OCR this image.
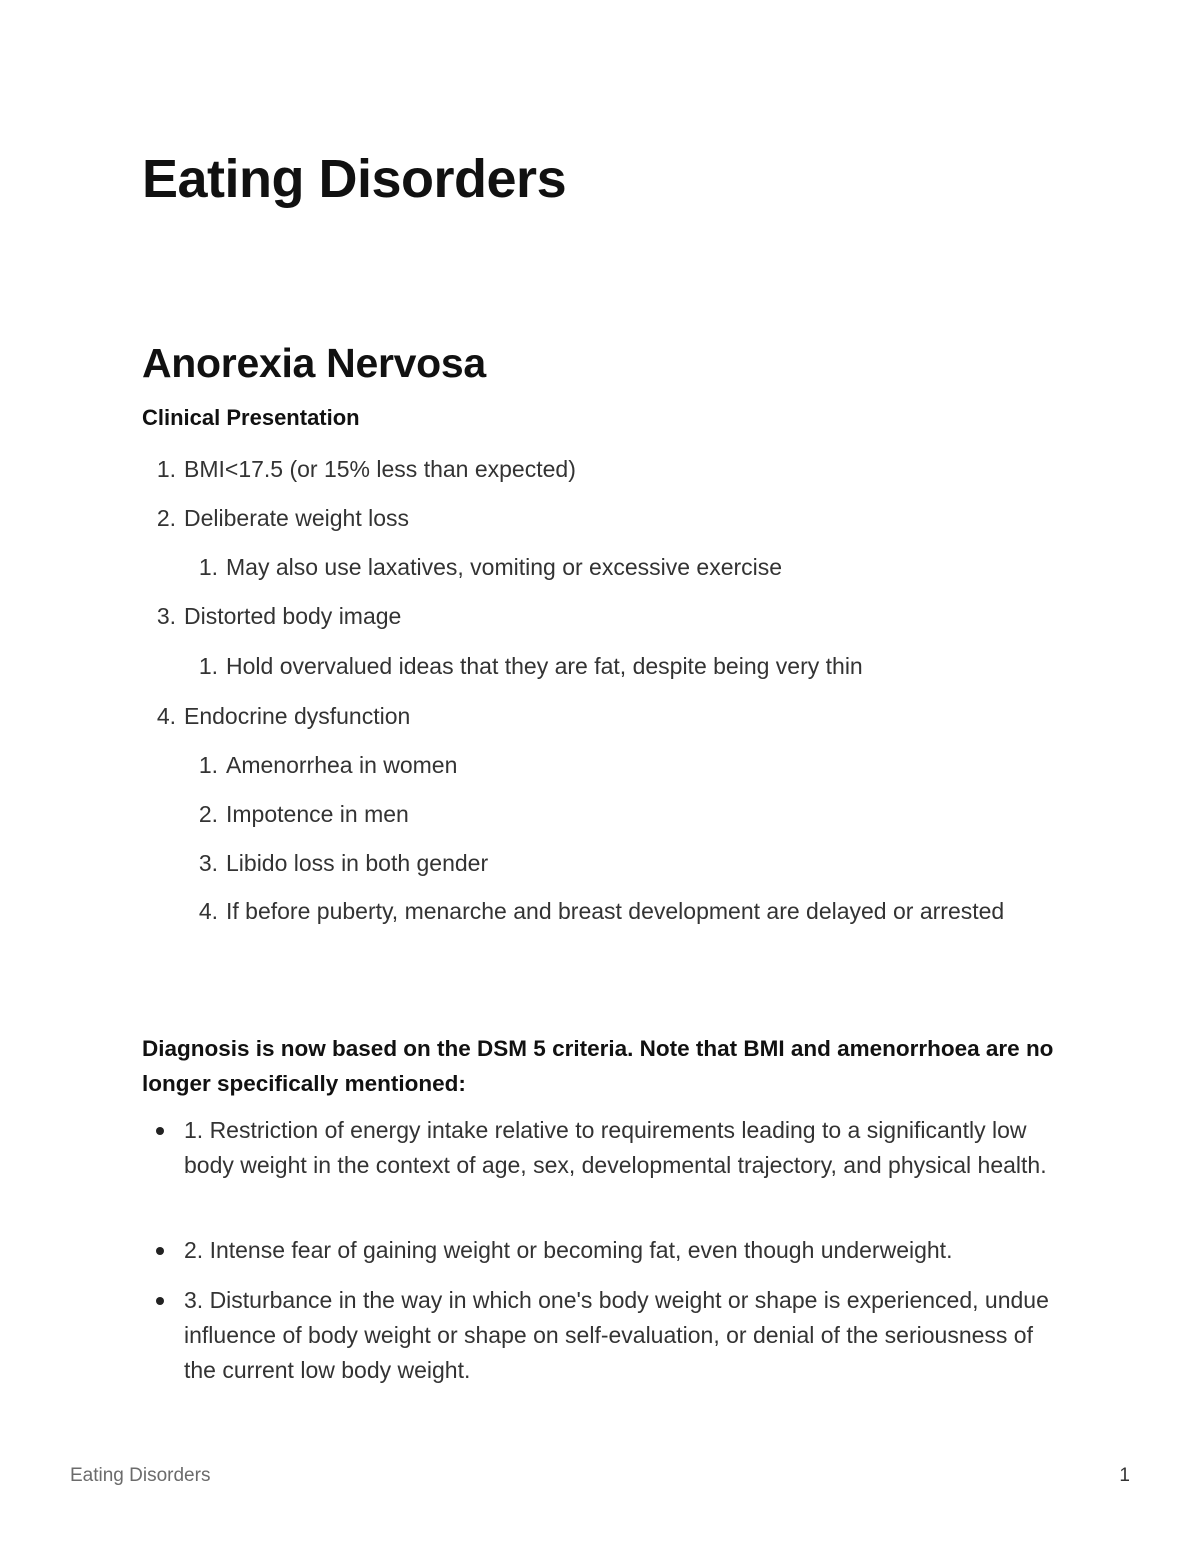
Eating Disorders
Anorexia Nervosa
Clinical Presentation
1. BMI<17.5 (or 15% less than expected)
2. Deliberate weight loss
1. May also use laxatives, vomiting or excessive exercise
3. Distorted body image
1. Hold overvalued ideas that they are fat, despite being very thin
4. Endocrine dysfunction
1. Amenorrhea in women
2. Impotence in men
3. Libido loss in both gender
4. If before puberty, menarche and breast development are delayed or arrested
Diagnosis is now based on the DSM 5 criteria. Note that BMI and amenorrhoea are no longer specifically mentioned:
1. Restriction of energy intake relative to requirements leading to a significantly low body weight in the context of age, sex, developmental trajectory, and physical health.
2. Intense fear of gaining weight or becoming fat, even though underweight.
3. Disturbance in the way in which one's body weight or shape is experienced, undue influence of body weight or shape on self-evaluation, or denial of the seriousness of the current low body weight.
Eating Disorders	1
